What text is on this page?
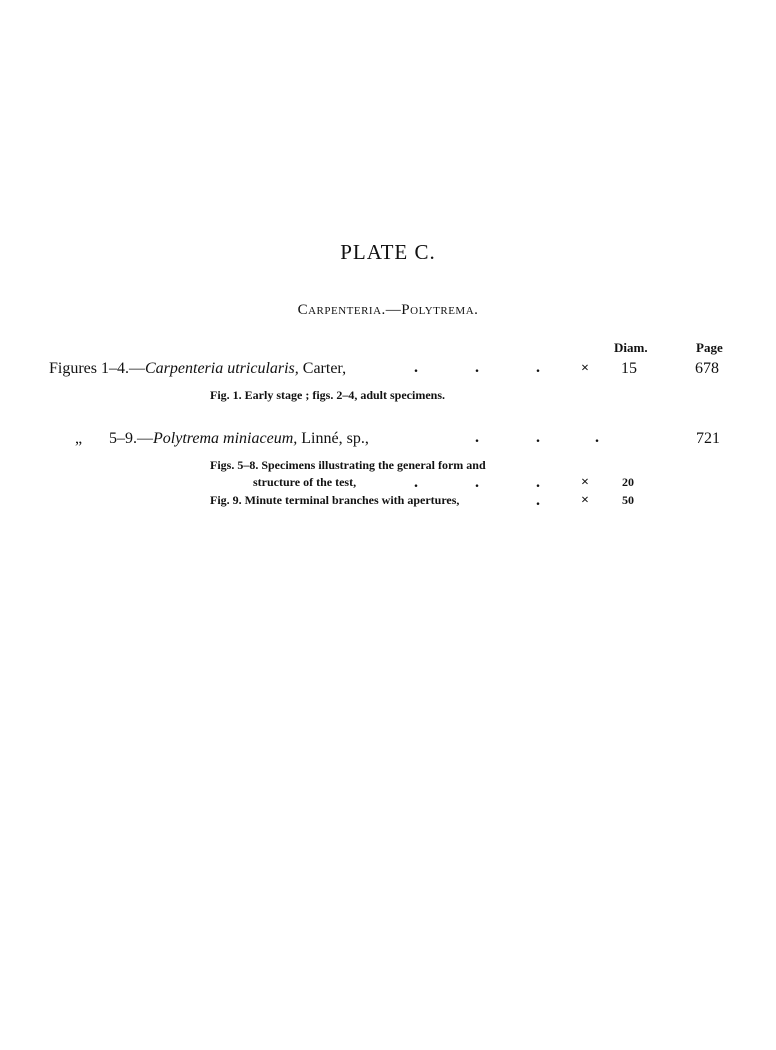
PLATE C.
Carpenteria.—Polytrema.
Diam.	Page
Figures 1–4.—Carpenteria utricularis, Carter,	.	.	.	× 15	678
Fig. 1. Early stage ; figs. 2–4, adult specimens.
„ 5–9.—Polytrema miniaceum, Linné, sp.,	.	.	.	721
Figs. 5–8. Specimens illustrating the general form and
structure of the test,	.	.	.	×	20
Fig. 9. Minute terminal branches with apertures,	.	×	50
